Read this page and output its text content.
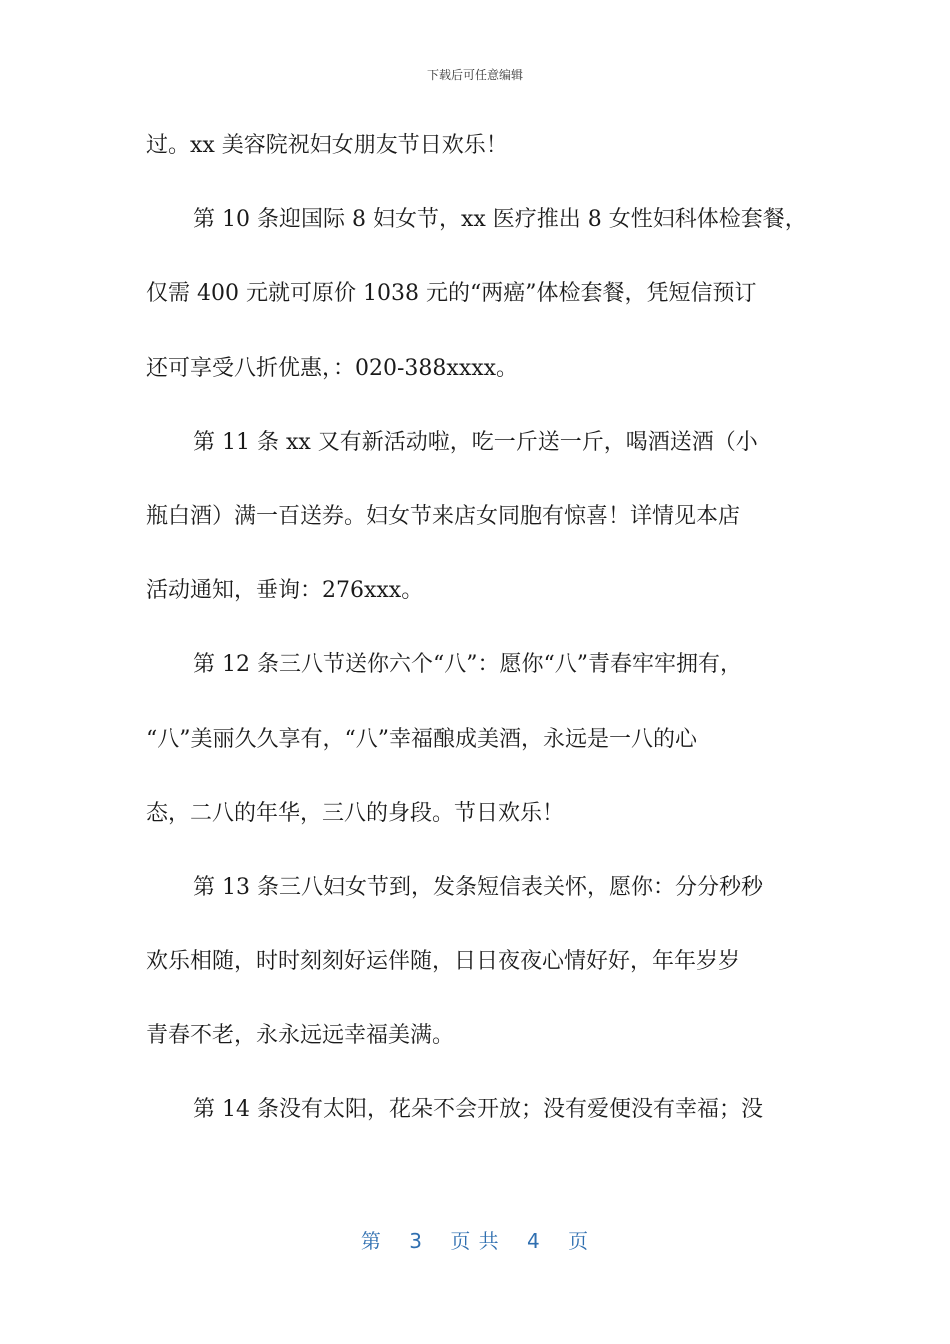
下载后可任意编辑
过。xx 美容院祝妇女朋友节日欢乐！
第 10 条迎国际 8 妇女节，xx 医疗推出 8 女性妇科体检套餐，
仅需 400 元就可原价 1038 元的“两癌”体检套餐，凭短信预订
还可享受八折优惠，：020-388xxxx。
第 11 条 xx 又有新活动啦，吃一斤送一斤，喝酒送酒（小
瓶白酒）满一百送券。妇女节来店女同胞有惊喜！详情见本店
活动通知，垂询：276xxx。
第 12 条三八节送你六个“八”：愿你“八”青春牢牢拥有，
“八”美丽久久享有，“八”幸福酿成美酒，永远是一八的心
态，二八的年华，三八的身段。节日欢乐！
第 13 条三八妇女节到，发条短信表关怀，愿你：分分秒秒
欢乐相随，时时刻刻好运伴随，日日夜夜心情好好，年年岁岁
青春不老，永永远远幸福美满。
第 14 条没有太阳，花朵不会开放；没有爱便没有幸福；没
第 3 页 共 4 页
